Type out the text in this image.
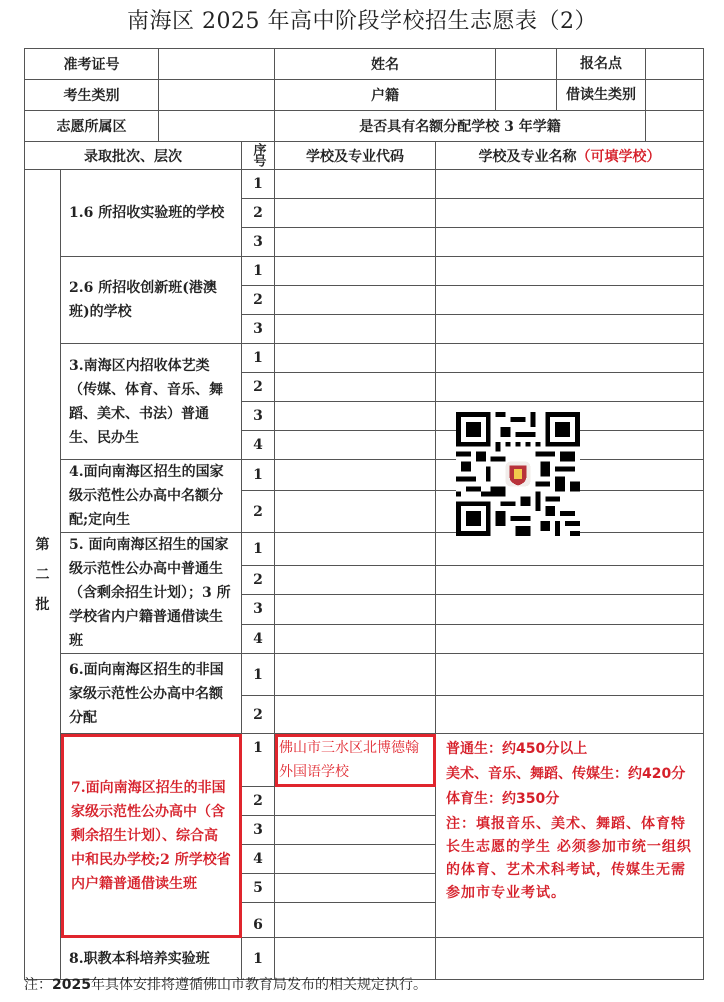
南海区 2025 年高中阶段学校招生志愿表（2）
准考证号				姓名		报名点	

考生类别				户籍		借读生类别	

志愿所属区				是否具有名额分配学校 3 年学籍			
录取批次、层次			序号	学校及专业代码	学校及专业名称（可填学校）		

第二批	1.6 所招收实验班的学校		1				
			2				
			3				
	2.6 所招收创新班(港澳班)的学校		1				
			2				
			3				
	3.南海区内招收体艺类（传媒、体育、音乐、舞蹈、美术、书法）普通生、民办生		1				
			2				
			3				
			4				
	4.面向南海区招生的国家级示范性公办高中名额分配;定向生		1				
			2				
	5. 面向南海区招生的国家级示范性公办高中普通生（含剩余招生计划）；3 所学校省内户籍普通借读生班		1				
			2				
			3				
			4				
	6.面向南海区招生的非国家级示范性公办高中名额分配		1				
			2				
	7.面向南海区招生的非国家级示范性公办高中（含剩余招生计划）、综合高中和民办学校;2 所学校省内户籍普通借读生班		1	佛山市三水区北博德翰外国语学校	普通生：约450分以上
美术、音乐、舞蹈、传媒生：约420分
体育生：约350分
注：填报音乐、美术、舞蹈、体育特长生志愿的学生 必须参加市统一组织的体育、艺术术科考试，传媒生无需参加市专业考试。		

			2				
			3				
			4				
			5				
			6				
	8.职教本科培养实验班		1				
注：2025年具体安排将遵循佛山市教育局发布的相关规定执行。
